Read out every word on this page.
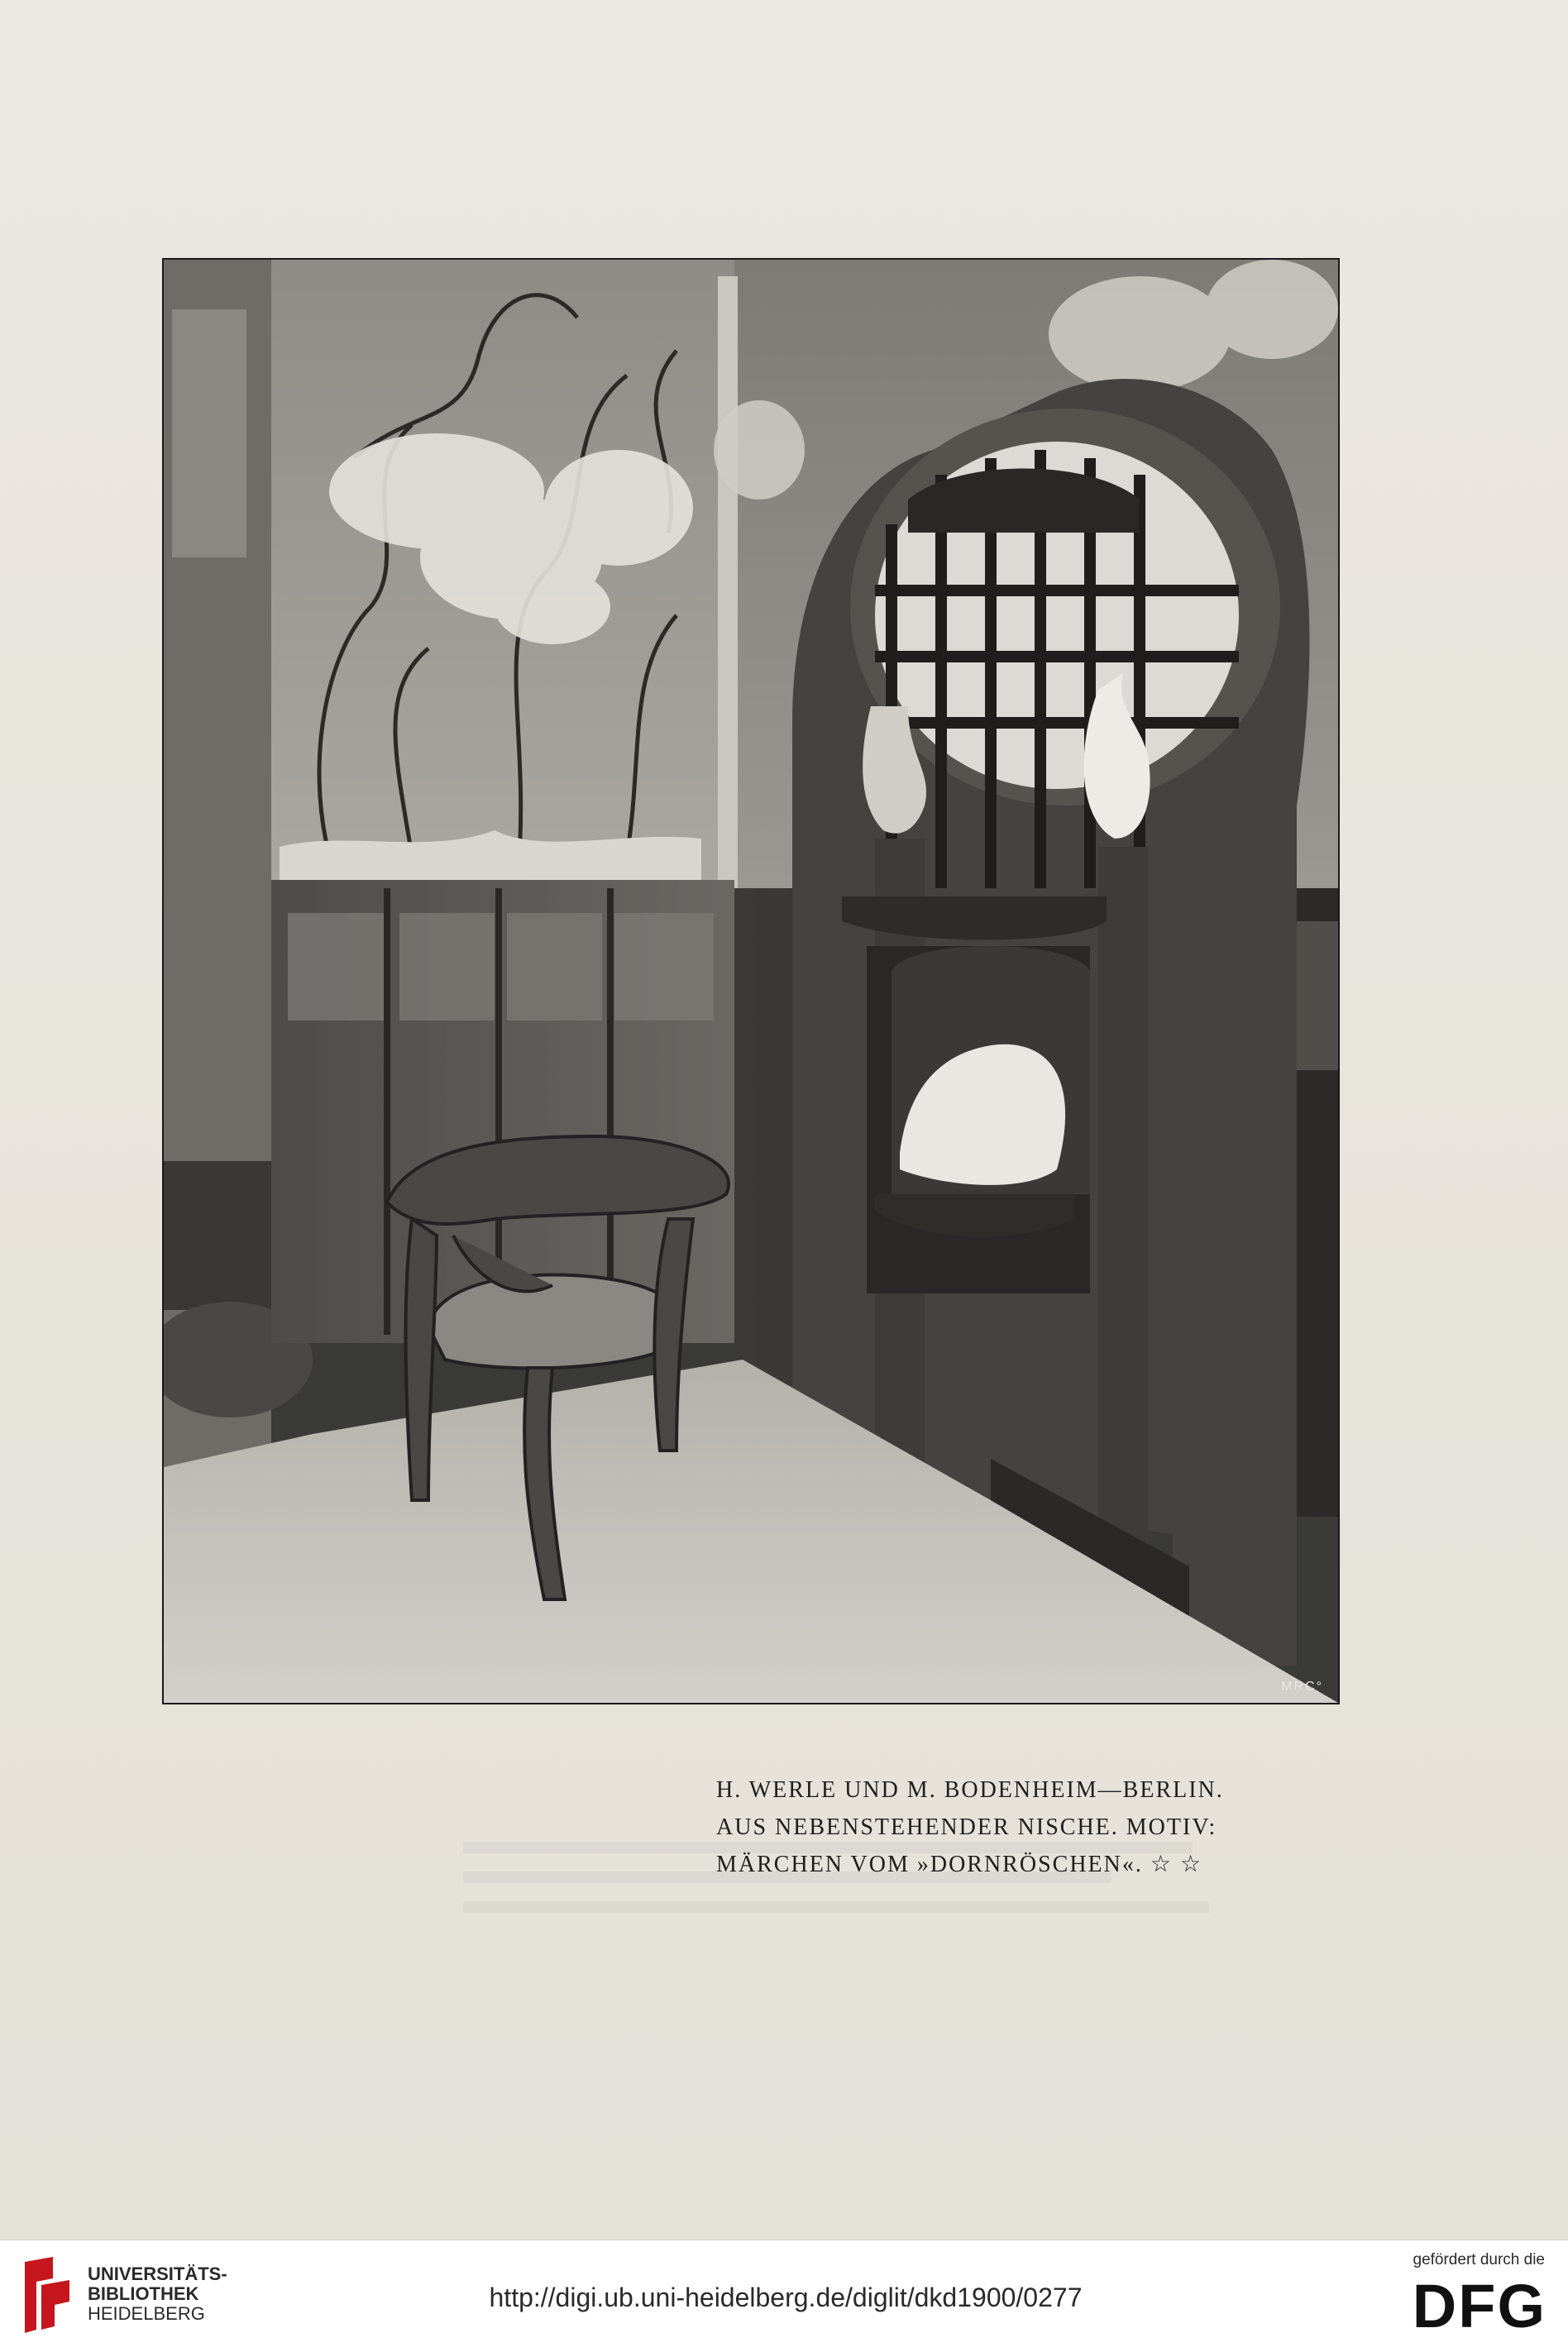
MRC°
H. WERLE UND M. BODENHEIM—BERLIN.
AUS NEBENSTEHENDER NISCHE. MOTIV:
MÄRCHEN VOM »DORNRÖSCHEN«. ☆ ☆
UNIVERSITÄTS-
BIBLIOTHEK
HEIDELBERG
http://digi.ub.uni-heidelberg.de/diglit/dkd1900/0277
gefördert durch die
DFG
